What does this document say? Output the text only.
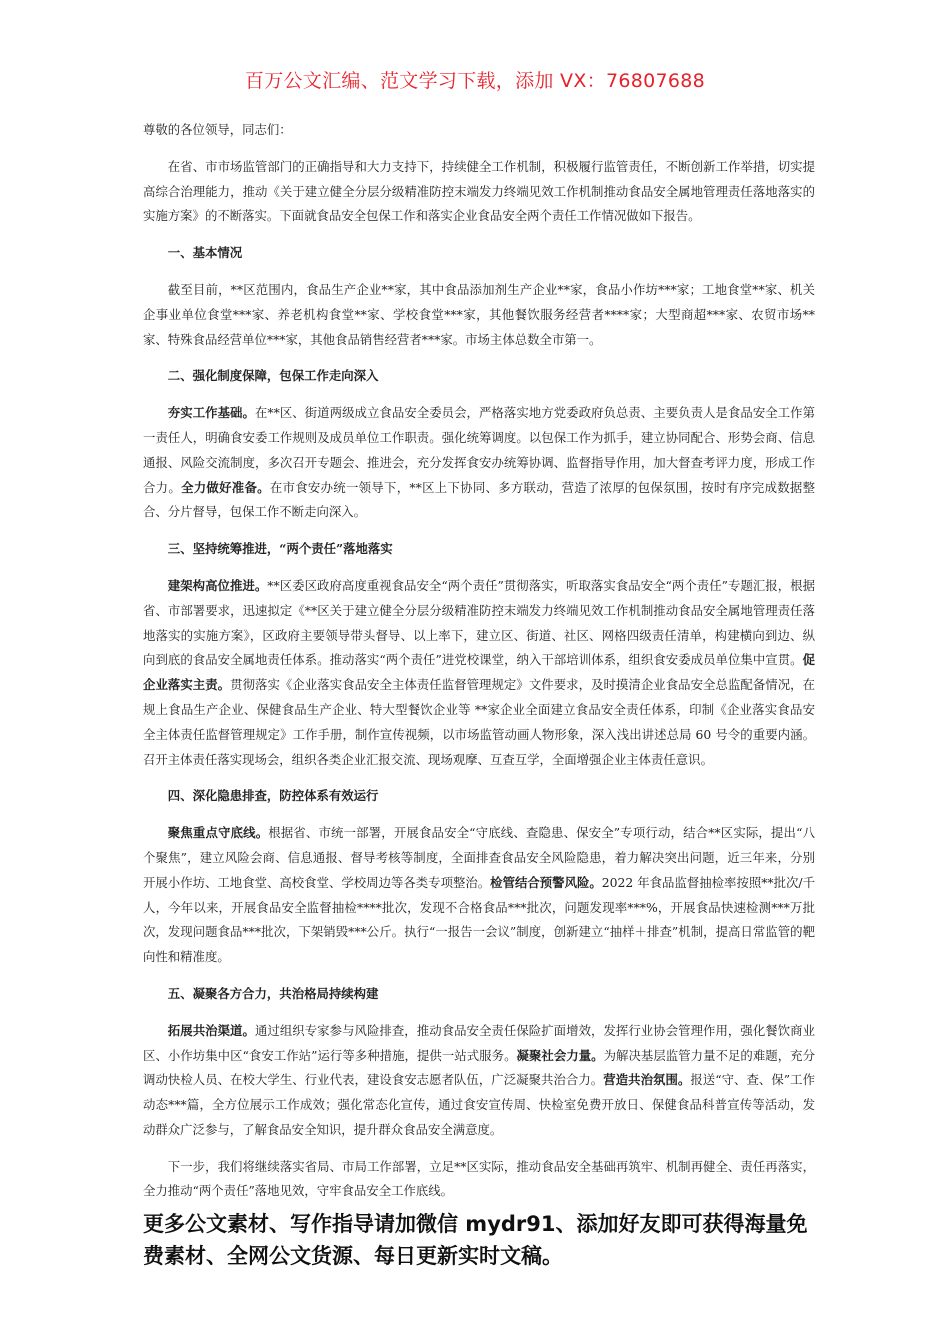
百万公文汇编、范文学习下载，添加 VX：76807688

尊敬的各位领导，同志们：

在省、市市场监管部门的正确指导和大力支持下，持续健全工作机制，积极履行监管责任，不断创新工作举措，切实提高综合治理能力，推动《关于建立健全分层分级精准防控末端发力终端见效工作机制推动食品安全属地管理责任落地落实的实施方案》的不断落实。下面就食品安全包保工作和落实企业食品安全两个责任工作情况做如下报告。

一、基本情况

截至目前，**区范围内，食品生产企业**家，其中食品添加剂生产企业**家，食品小作坊***家；工地食堂**家、机关企事业单位食堂***家、养老机构食堂**家、学校食堂***家，其他餐饮服务经营者****家；大型商超***家、农贸市场**家、特殊食品经营单位***家，其他食品销售经营者***家。市场主体总数全市第一。

二、强化制度保障，包保工作走向深入

夯实工作基础。在**区、街道两级成立食品安全委员会，严格落实地方党委政府负总责、主要负责人是食品安全工作第一责任人，明确食安委工作规则及成员单位工作职责。强化统筹调度。以包保工作为抓手，建立协同配合、形势会商、信息通报、风险交流制度，多次召开专题会、推进会，充分发挥食安办统筹协调、监督指导作用，加大督查考评力度，形成工作合力。全力做好准备。在市食安办统一领导下，**区上下协同、多方联动，营造了浓厚的包保氛围，按时有序完成数据整合、分片督导，包保工作不断走向深入。

三、坚持统筹推进，“两个责任”落地落实

建架构高位推进。**区委区政府高度重视食品安全“两个责任”贯彻落实，听取落实食品安全“两个责任”专题汇报，根据省、市部署要求，迅速拟定《**区关于建立健全分层分级精准防控末端发力终端见效工作机制推动食品安全属地管理责任落地落实的实施方案》，区政府主要领导带头督导、以上率下，建立区、街道、社区、网格四级责任清单，构建横向到边、纵向到底的食品安全属地责任体系。推动落实“两个责任”进党校课堂，纳入干部培训体系，组织食安委成员单位集中宣贯。促企业落实主责。贯彻落实《企业落实食品安全主体责任监督管理规定》文件要求，及时摸清企业食品安全总监配备情况，在规上食品生产企业、保健食品生产企业、特大型餐饮企业等 **家企业全面建立食品安全责任体系，印制《企业落实食品安全主体责任监督管理规定》工作手册，制作宣传视频，以市场监管动画人物形象，深入浅出讲述总局 60 号令的重要内涵。召开主体责任落实现场会，组织各类企业汇报交流、现场观摩、互查互学，全面增强企业主体责任意识。

四、深化隐患排查，防控体系有效运行

聚焦重点守底线。根据省、市统一部署，开展食品安全“守底线、查隐患、保安全”专项行动，结合**区实际，提出“八个聚焦”，建立风险会商、信息通报、督导考核等制度，全面排查食品安全风险隐患，着力解决突出问题，近三年来，分别开展小作坊、工地食堂、高校食堂、学校周边等各类专项整治。检管结合预警风险。2022 年食品监督抽检率按照**批次/千人，今年以来，开展食品安全监督抽检****批次，发现不合格食品***批次，问题发现率***%，开展食品快速检测***万批次，发现问题食品***批次，下架销毁***公斤。执行“一报告一会议”制度，创新建立“抽样＋排查”机制，提高日常监管的靶向性和精准度。

五、凝聚各方合力，共治格局持续构建

拓展共治渠道。通过组织专家参与风险排查，推动食品安全责任保险扩面增效，发挥行业协会管理作用，强化餐饮商业区、小作坊集中区“食安工作站”运行等多种措施，提供一站式服务。凝聚社会力量。为解决基层监管力量不足的难题，充分调动快检人员、在校大学生、行业代表，建设食安志愿者队伍，广泛凝聚共治合力。营造共治氛围。报送“守、查、保”工作动态***篇，全方位展示工作成效；强化常态化宣传，通过食安宣传周、快检室免费开放日、保健食品科普宣传等活动，发动群众广泛参与，了解食品安全知识，提升群众食品安全满意度。

下一步，我们将继续落实省局、市局工作部署，立足**区实际，推动食品安全基础再筑牢、机制再健全、责任再落实，全力推动“两个责任”落地见效，守牢食品安全工作底线。

更多公文素材、写作指导请加微信 mydr91、添加好友即可获得海量免费素材、全网公文货源、每日更新实时文稿。
